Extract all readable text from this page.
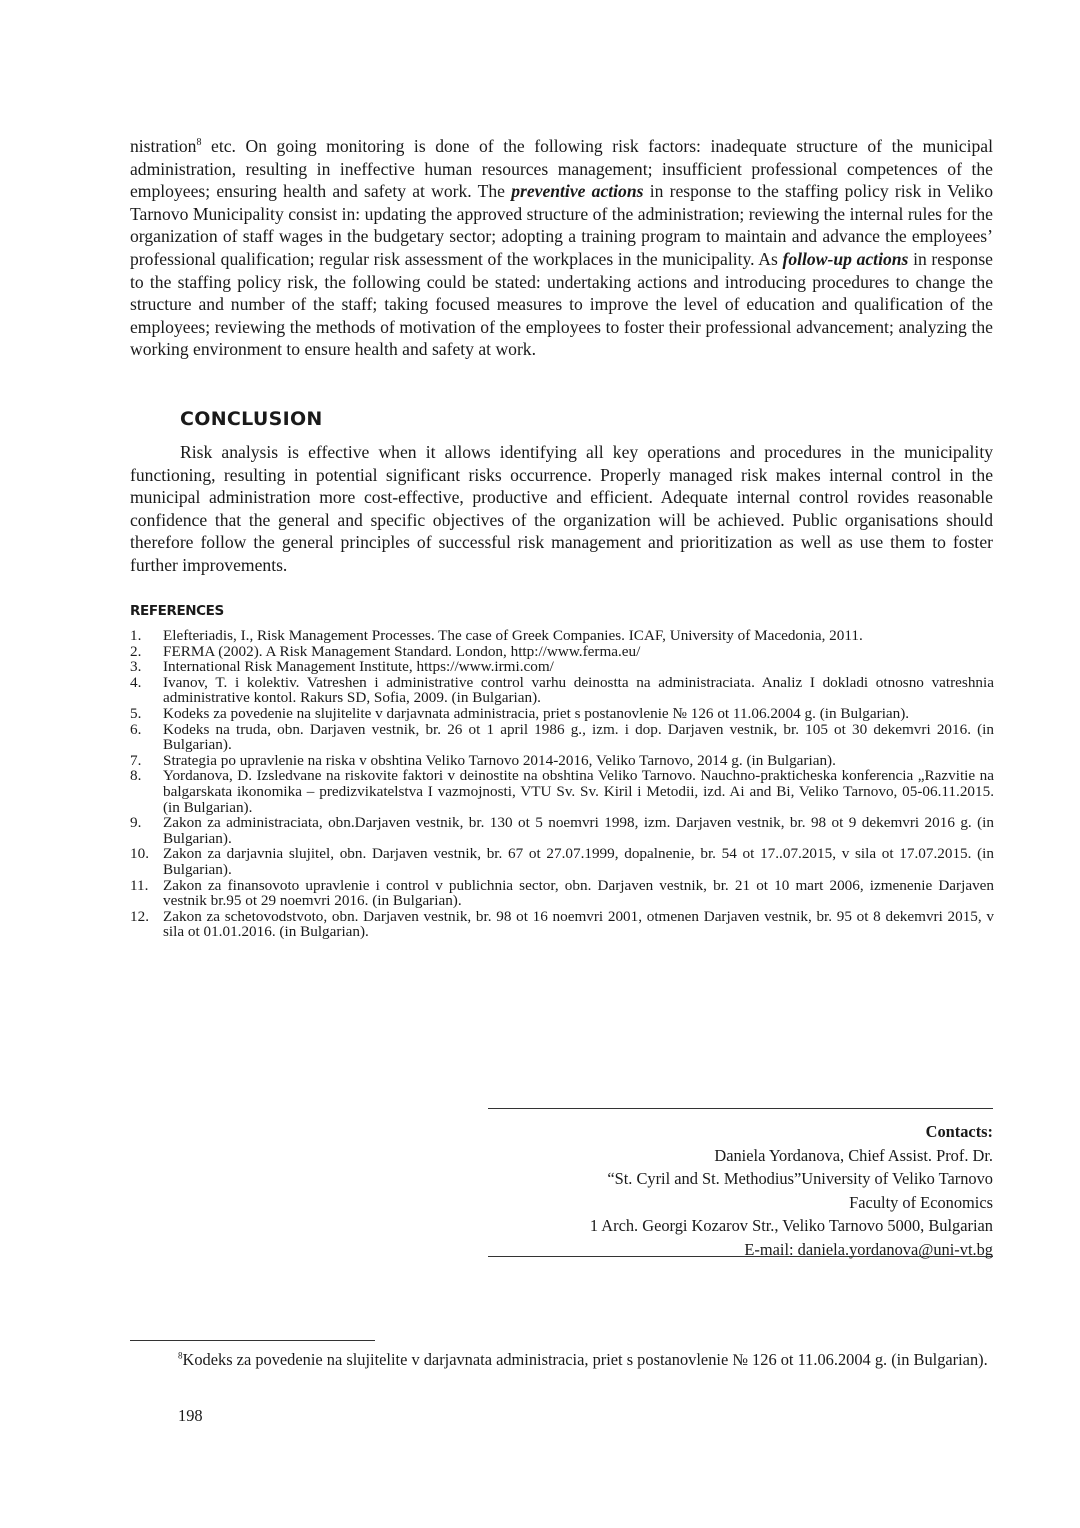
nistration$^8$ etc. On going monitoring is done of the following risk factors: inadequate structure of the municipal administration, resulting in ineffective human resources management; insufficient professional competences of the employees; ensuring health and safety at work. The preventive actions in response to the staffing policy risk in Veliko Tarnovo Municipality consist in: updating the approved structure of the administration; reviewing the internal rules for the organization of staff wages in the budgetary sector; adopting a training program to maintain and advance the employees’ professional qualification; regular risk assessment of the workplaces in the municipality. As follow-up actions in response to the staffing policy risk, the following could be stated: undertaking actions and introducing procedures to change the structure and number of the staff; taking focused measures to improve the level of education and qualification of the employees; reviewing the methods of motivation of the employees to foster their professional advancement; analyzing the working environment to ensure health and safety at work.

CONCLUSION

Risk analysis is effective when it allows identifying all key operations and procedures in the municipality functioning, resulting in potential significant risks occurrence. Properly managed risk makes internal control in the municipal administration more cost-effective, productive and efficient. Adequate internal control rovides reasonable confidence that the general and specific objectives of the organization will be achieved. Public organisations should therefore follow the general principles of successful risk management and prioritization as well as use them to foster further improvements.

REFERENCES
1. Elefteriadis, I., Risk Management Processes. The case of Greek Companies. ICAF, University of Macedonia, 2011.
2. FERMA (2002). A Risk Management Standard. London, http://www.ferma.eu/
3. International Risk Management Institute, https://www.irmi.com/
4. Ivanov, T. i kolektiv. Vatreshen i administrative control varhu deinostta na administraciata. Analiz I dokladi otnosno vatreshnia administrative kontol. Rakurs SD, Sofia, 2009. (in Bulgarian).
5. Kodeks za povedenie na slujitelite v darjavnata administracia, priet s postanovlenie № 126 ot 11.06.2004 g. (in Bulgarian).
6. Kodeks na truda, obn. Darjaven vestnik, br. 26 ot 1 april 1986 g., izm. i dop. Darjaven vestnik, br. 105 ot 30 dekemvri 2016. (in Bulgarian).
7. Strategia po upravlenie na riska v obshtina Veliko Tarnovo 2014-2016, Veliko Tarnovo, 2014 g. (in Bulgarian).
8. Yordanova, D. Izsledvane na riskovite faktori v deinostite na obshtina Veliko Tarnovo. Nauchno-prakticheska konferencia „Razvitie na balgarskata ikonomika – predizvikatelstva I vazmojnosti, VTU Sv. Sv. Kiril i Metodii, izd. Ai and Bi, Veliko Tarnovo, 05-06.11.2015. (in Bulgarian).
9. Zakon za administraciata, obn.Darjaven vestnik, br. 130 ot 5 noemvri 1998, izm. Darjaven vestnik, br. 98 ot 9 dekemvri 2016 g. (in Bulgarian).
10. Zakon za darjavnia slujitel, obn. Darjaven vestnik, br. 67 ot 27.07.1999, dopalnenie, br. 54 ot 17..07.2015, v sila ot 17.07.2015. (in Bulgarian).
11. Zakon za finansovoto upravlenie i control v publichnia sector, obn. Darjaven vestnik, br. 21 ot 10 mart 2006, izmenenie Darjaven vestnik br.95 ot 29 noemvri 2016. (in Bulgarian).
12. Zakon za schetovodstvoto, obn. Darjaven vestnik, br. 98 ot 16 noemvri 2001, otmenen Darjaven vestnik, br. 95 ot 8 dekemvri 2015, v sila ot 01.01.2016. (in Bulgarian).
Contacts:
Daniela Yordanova, Chief Assist. Prof. Dr.
“St. Cyril and St. Methodius”University of Veliko Tarnovo
Faculty of Economics
1 Arch. Georgi Kozarov Str., Veliko Tarnovo 5000, Bulgarian
E-mail: daniela.yordanova@uni-vt.bg

$^8$Kodeks za povedenie na slujitelite v darjavnata administracia, priet s postanovlenie № 126 ot 11.06.2004 g. (in Bulgarian).

198
